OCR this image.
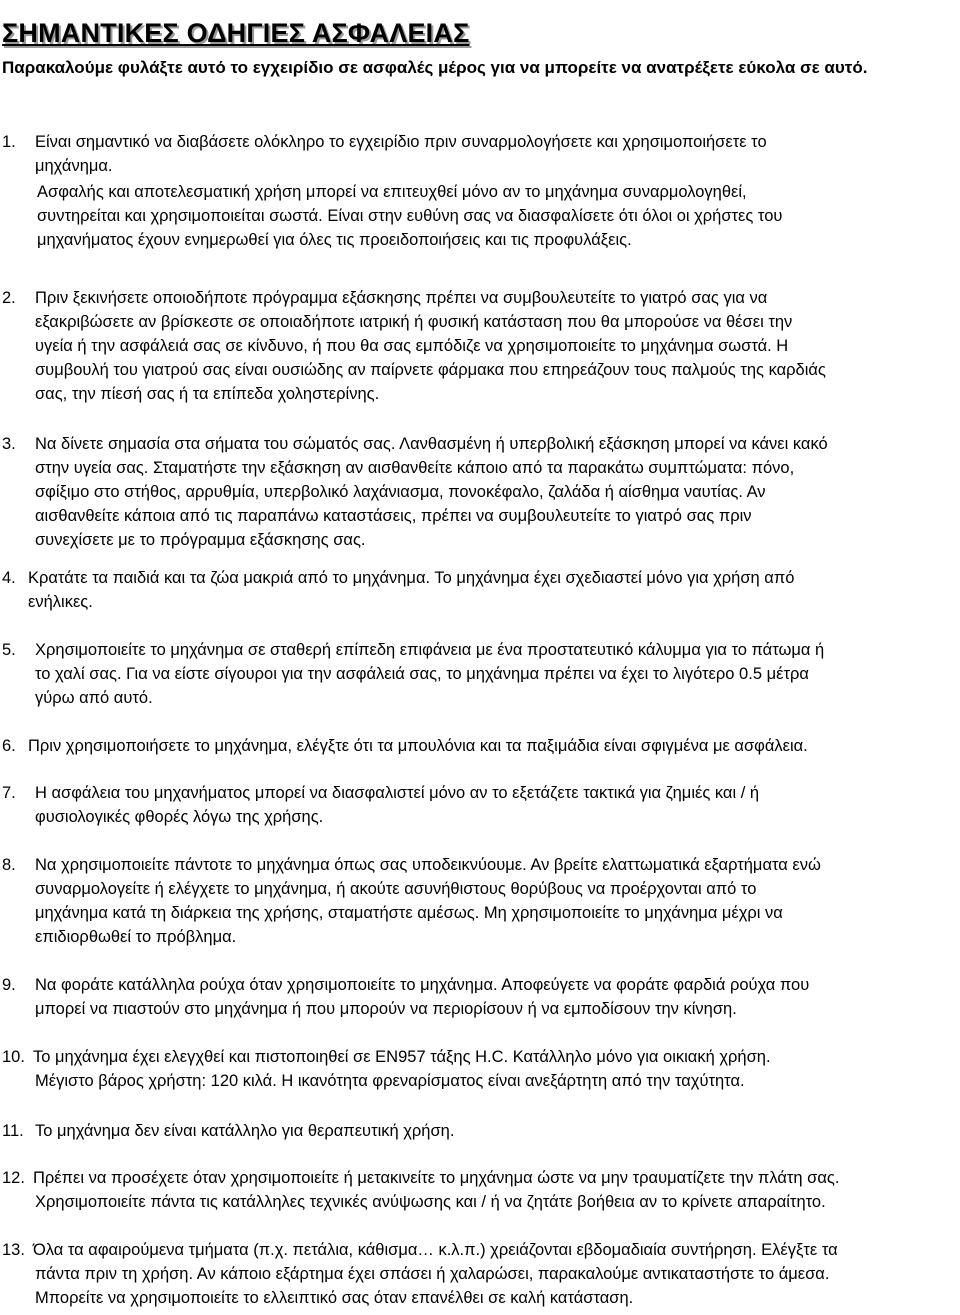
ΣΗΜΑΝΤΙΚΕΣ ΟΔΗΓΙΕΣ ΑΣΦΑΛΕΙΑΣ

Παρακαλούμε φυλάξτε αυτό το εγχειρίδιο σε ασφαλές μέρος για να μπορείτε να ανατρέξετε εύκολα σε αυτό.

1. Είναι σημαντικό να διαβάσετε ολόκληρο το εγχειρίδιο πριν συναρμολογήσετε και χρησιμοποιήσετε το
μηχάνημα.
Ασφαλής και αποτελεσματική χρήση μπορεί να επιτευχθεί μόνο αν το μηχάνημα συναρμολογηθεί,
συντηρείται και χρησιμοποιείται σωστά. Είναι στην ευθύνη σας να διασφαλίσετε ότι όλοι οι χρήστες του
μηχανήματος έχουν ενημερωθεί για όλες τις προειδοποιήσεις και τις προφυλάξεις.
2. Πριν ξεκινήσετε οποιοδήποτε πρόγραμμα εξάσκησης πρέπει να συμβουλευτείτε το γιατρό σας για να
εξακριβώσετε αν βρίσκεστε σε οποιαδήποτε ιατρική ή φυσική κατάσταση που θα μπορούσε να θέσει την
υγεία ή την ασφάλειά σας σε κίνδυνο, ή που θα σας εμπόδιζε να χρησιμοποιείτε το μηχάνημα σωστά. Η
συμβουλή του γιατρού σας είναι ουσιώδης αν παίρνετε φάρμακα που επηρεάζουν τους παλμούς της καρδιάς
σας, την πίεσή σας ή τα επίπεδα χοληστερίνης.
3. Να δίνετε σημασία στα σήματα του σώματός σας. Λανθασμένη ή υπερβολική εξάσκηση μπορεί να κάνει κακό
στην υγεία σας. Σταματήστε την εξάσκηση αν αισθανθείτε κάποιο από τα παρακάτω συμπτώματα: πόνο,
σφίξιμο στο στήθος, αρρυθμία, υπερβολικό λαχάνιασμα, πονοκέφαλο, ζαλάδα ή αίσθημα ναυτίας. Αν
αισθανθείτε κάποια από τις παραπάνω καταστάσεις, πρέπει να συμβουλευτείτε το γιατρό σας πριν
συνεχίσετε με το πρόγραμμα εξάσκησης σας.
4. Κρατάτε τα παιδιά και τα ζώα μακριά από το μηχάνημα. Το μηχάνημα έχει σχεδιαστεί μόνο για χρήση από
ενήλικες.
5. Χρησιμοποιείτε το μηχάνημα σε σταθερή επίπεδη επιφάνεια με ένα προστατευτικό κάλυμμα για το πάτωμα ή
το χαλί σας. Για να είστε σίγουροι για την ασφάλειά σας, το μηχάνημα πρέπει να έχει το λιγότερο 0.5 μέτρα
γύρω από αυτό.
6. Πριν χρησιμοποιήσετε το μηχάνημα, ελέγξτε ότι τα μπουλόνια και τα παξιμάδια είναι σφιγμένα με ασφάλεια.
7. Η ασφάλεια του μηχανήματος μπορεί να διασφαλιστεί μόνο αν το εξετάζετε τακτικά για ζημιές και / ή
φυσιολογικές φθορές λόγω της χρήσης.
8. Να χρησιμοποιείτε πάντοτε το μηχάνημα όπως σας υποδεικνύουμε. Αν βρείτε ελαττωματικά εξαρτήματα ενώ
συναρμολογείτε ή ελέγχετε το μηχάνημα, ή ακούτε ασυνήθιστους θορύβους να προέρχονται από το
μηχάνημα κατά τη διάρκεια της χρήσης, σταματήστε αμέσως. Μη χρησιμοποιείτε το μηχάνημα μέχρι να
επιδιορθωθεί το πρόβλημα.
9. Να φοράτε κατάλληλα ρούχα όταν χρησιμοποιείτε το μηχάνημα. Αποφεύγετε να φοράτε φαρδιά ρούχα που
μπορεί να πιαστούν στο μηχάνημα ή που μπορούν να περιορίσουν ή να εμποδίσουν την κίνηση.
10. Το μηχάνημα έχει ελεγχθεί και πιστοποιηθεί σε EN957 τάξης H.C. Κατάλληλο μόνο για οικιακή χρήση.
Μέγιστο βάρος χρήστη: 120 κιλά. Η ικανότητα φρεναρίσματος είναι ανεξάρτητη από την ταχύτητα.
11. Το μηχάνημα δεν είναι κατάλληλο για θεραπευτική χρήση.
12. Πρέπει να προσέχετε όταν χρησιμοποιείτε ή μετακινείτε το μηχάνημα ώστε να μην τραυματίζετε την πλάτη σας.
Χρησιμοποιείτε πάντα τις κατάλληλες τεχνικές ανύψωσης και / ή να ζητάτε βοήθεια αν το κρίνετε απαραίτητο.
13. Όλα τα αφαιρούμενα τμήματα (π.χ. πετάλια, κάθισμα… κ.λ.π.) χρειάζονται εβδομαδιαία συντήρηση. Ελέγξτε τα
πάντα πριν τη χρήση. Αν κάποιο εξάρτημα έχει σπάσει ή χαλαρώσει, παρακαλούμε αντικαταστήστε το άμεσα.
Μπορείτε να χρησιμοποιείτε το ελλειπτικό σας όταν επανέλθει σε καλή κατάσταση.
